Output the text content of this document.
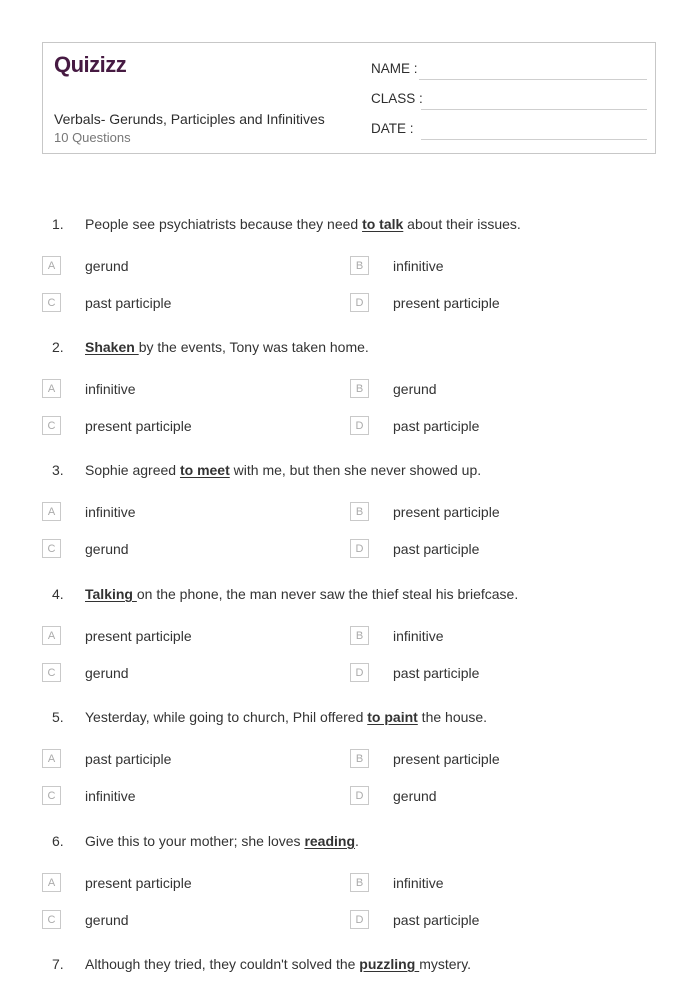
Quizizz
Verbals- Gerunds, Participles and Infinitives
10 Questions
NAME :
CLASS :
DATE :
1. People see psychiatrists because they need to talk about their issues.
A	gerund	B	infinitive
C	past participle	D	present participle
2. Shaken by the events, Tony was taken home.
A	infinitive	B	gerund
C	present participle	D	past participle
3. Sophie agreed to meet with me, but then she never showed up.
A	infinitive	B	present participle
C	gerund	D	past participle
4. Talking on the phone, the man never saw the thief steal his briefcase.
A	present participle	B	infinitive
C	gerund	D	past participle
5. Yesterday, while going to church, Phil offered to paint the house.
A	past participle	B	present participle
C	infinitive	D	gerund
6. Give this to your mother; she loves reading.
A	present participle	B	infinitive
C	gerund	D	past participle
7. Although they tried, they couldn't solved the puzzling mystery.
